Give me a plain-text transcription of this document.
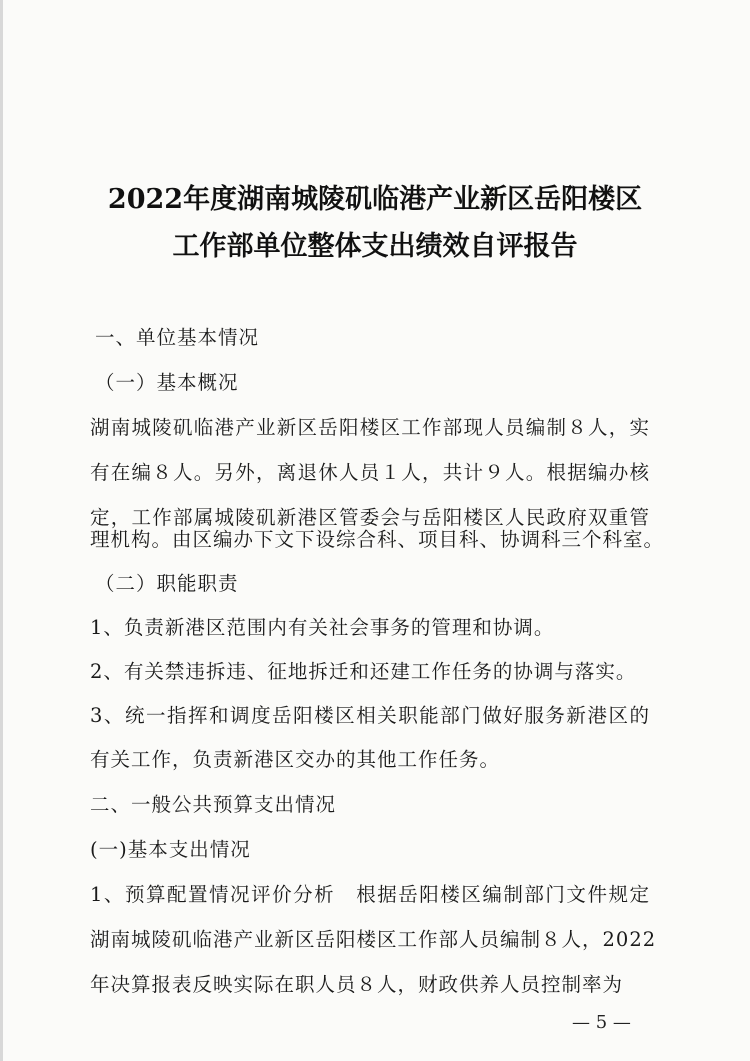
2022年度湖南城陵矶临港产业新区岳阳楼区
工作部单位整体支出绩效自评报告
一、单位基本情况
（一）基本概况
湖南城陵矶临港产业新区岳阳楼区工作部现人员编制８人，实
有在编８人。另外，离退休人员１人，共计９人。根据编办核
定，工作部属城陵矶新港区管委会与岳阳楼区人民政府双重管
理机构。由区编办下文下设综合科、项目科、协调科三个科室。
（二）职能职责
1、负责新港区范围内有关社会事务的管理和协调。
2、有关禁违拆违、征地拆迁和还建工作任务的协调与落实。
3、统一指挥和调度岳阳楼区相关职能部门做好服务新港区的
有关工作，负责新港区交办的其他工作任务。
二、一般公共预算支出情况
(一)基本支出情况
1、预算配置情况评价分析　根据岳阳楼区编制部门文件规定
湖南城陵矶临港产业新区岳阳楼区工作部人员编制８人，2022
年决算报表反映实际在职人员８人，财政供养人员控制率为
— 5 —
